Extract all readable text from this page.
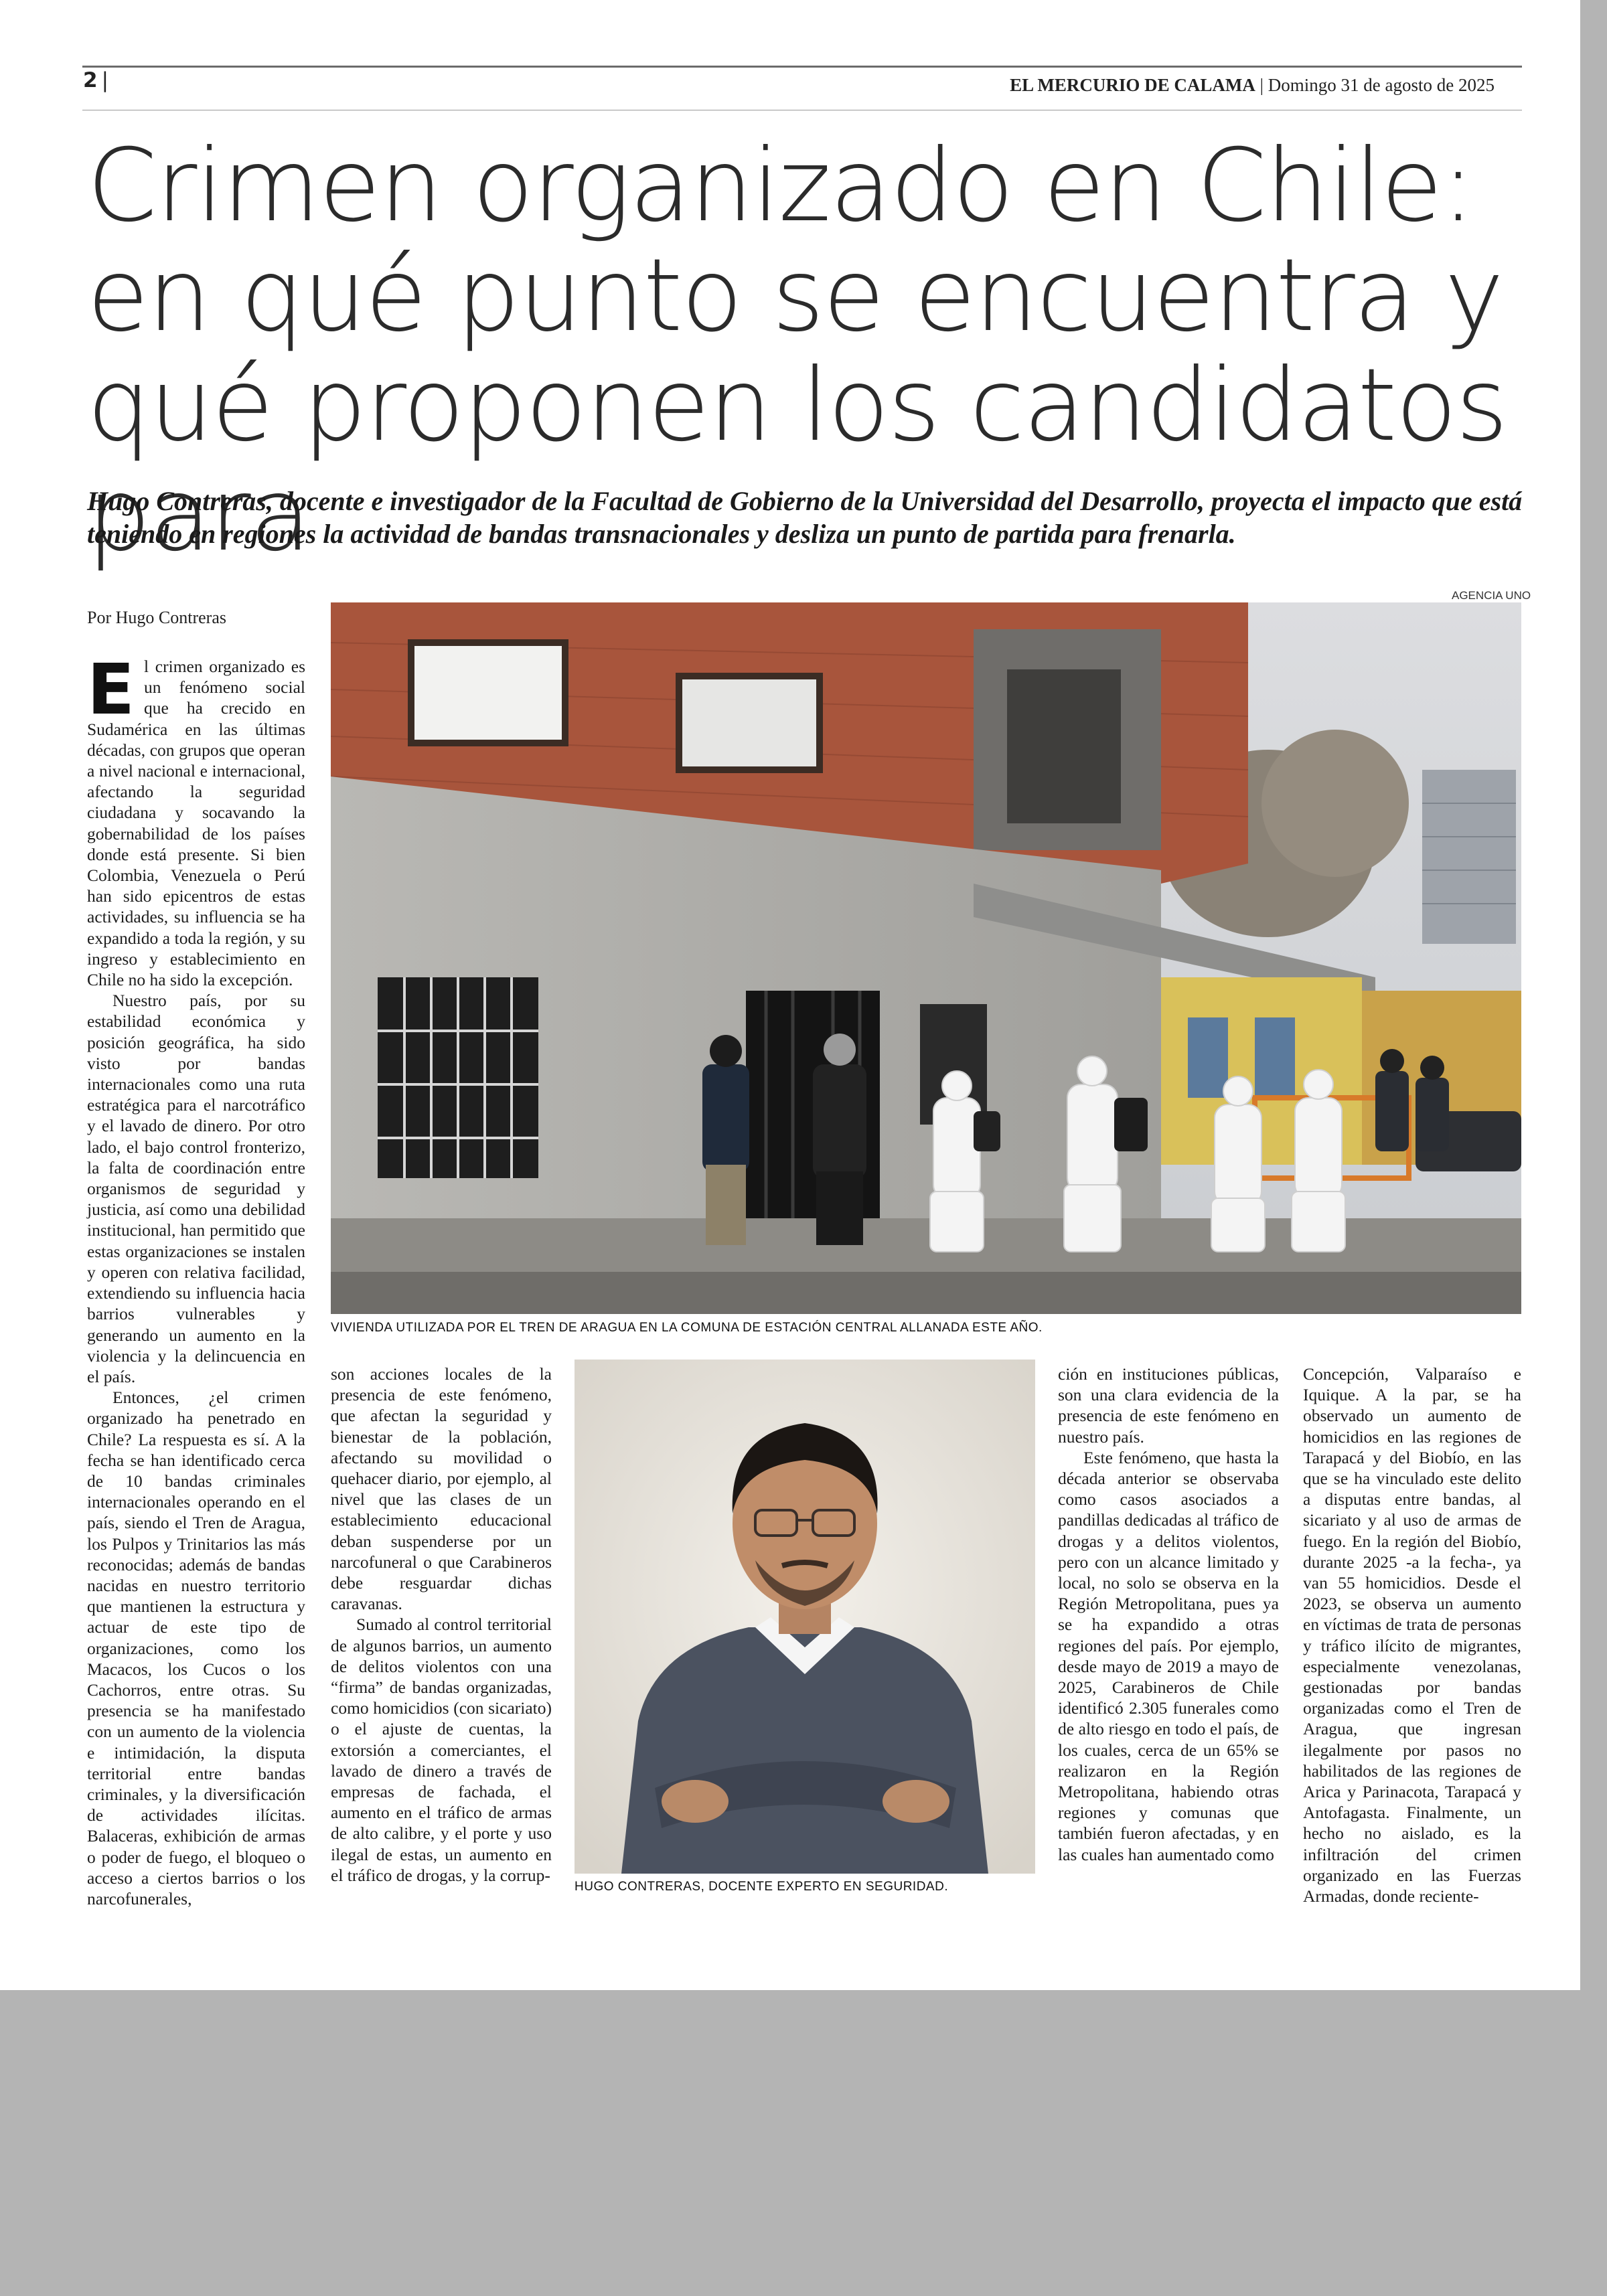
2 |	EL MERCURIO DE CALAMA | Domingo 31 de agosto de 2025
Crimen organizado en Chile: en qué punto se encuentra y qué proponen los candidatos para

Hugo Contreras, docente e investigador de la Facultad de Gobierno de la Universidad del Desarrollo, proyecta el impacto que está teniendo en regiones la actividad de bandas transnacionales y desliza un punto de partida para frenarla.

Por Hugo Contreras
AGENCIA UNO

El crimen organizado es un fenómeno social que ha crecido en Sudamérica en las últimas décadas, con grupos que operan a nivel nacional e internacional, afectando la seguridad ciudadana y socavando la gobernabilidad de los países donde está presente. Si bien Colombia, Venezuela o Perú han sido epicentros de estas actividades, su influencia se ha expandido a toda la región, y su ingreso y establecimiento en Chile no ha sido la excepción.

Nuestro país, por su estabilidad económica y posición geográfica, ha sido visto por bandas internacionales como una ruta estratégica para el narcotráfico y el lavado de dinero. Por otro lado, el bajo control fronterizo, la falta de coordinación entre organismos de seguridad y justicia, así como una debilidad institucional, han permitido que estas organizaciones se instalen y operen con relativa facilidad, extendiendo su influencia hacia barrios vulnerables y generando un aumento en la violencia y la delincuencia en el país.

Entonces, ¿el crimen organizado ha penetrado en Chile? La respuesta es sí. A la fecha se han identificado cerca de 10 bandas criminales internacionales operando en el país, siendo el Tren de Aragua, los Pulpos y Trinitarios las más reconocidas; además de bandas nacidas en nuestro territorio que mantienen la estructura y actuar de este tipo de organizaciones, como los Macacos, los Cucos o los Cachorros, entre otras. Su presencia se ha manifestado con un aumento de la violencia e intimidación, la disputa territorial entre bandas criminales, y la diversificación de actividades ilícitas. Balaceras, exhibición de armas o poder de fuego, el bloqueo o acceso a ciertos barrios o los narcofunerales,

VIVIENDA UTILIZADA POR EL TREN DE ARAGUA EN LA COMUNA DE ESTACIÓN CENTRAL ALLANADA ESTE AÑO.

son acciones locales de la presencia de este fenómeno, que afectan la seguridad y bienestar de la población, afectando su movilidad o quehacer diario, por ejemplo, al nivel que las clases de un establecimiento educacional deban suspenderse por un narcofuneral o que Carabineros debe resguardar dichas caravanas.

Sumado al control territorial de algunos barrios, un aumento de delitos violentos con una “firma” de bandas organizadas, como homicidios (con sicariato) o el ajuste de cuentas, la extorsión a comerciantes, el lavado de dinero a través de empresas de fachada, el aumento en el tráfico de armas de alto calibre, y el porte y uso ilegal de estas, un aumento en el tráfico de drogas, y la corrup-

HUGO CONTRERAS, DOCENTE EXPERTO EN SEGURIDAD.

ción en instituciones públicas, son una clara evidencia de la presencia de este fenómeno en nuestro país.

Este fenómeno, que hasta la década anterior se observaba como casos asociados a pandillas dedicadas al tráfico de drogas y a delitos violentos, pero con un alcance limitado y local, no solo se observa en la Región Metropolitana, pues ya se ha expandido a otras regiones del país. Por ejemplo, desde mayo de 2019 a mayo de 2025, Carabineros de Chile identificó 2.305 funerales como de alto riesgo en todo el país, de los cuales, cerca de un 65% se realizaron en la Región Metropolitana, habiendo otras regiones y comunas que también fueron afectadas, y en las cuales han aumentado como

Concepción, Valparaíso e Iquique. A la par, se ha observado un aumento de homicidios en las regiones de Tarapacá y del Biobío, en las que se ha vinculado este delito a disputas entre bandas, al sicariato y al uso de armas de fuego. En la región del Biobío, durante 2025 -a la fecha-, ya van 55 homicidios. Desde el 2023, se observa un aumento en víctimas de trata de personas y tráfico ilícito de migrantes, especialmente venezolanas, gestionadas por bandas organizadas como el Tren de Aragua, que ingresan ilegalmente por pasos no habilitados de las regiones de Arica y Parinacota, Tarapacá y Antofagasta. Finalmente, un hecho no aislado, es la infiltración del crimen organizado en las Fuerzas Armadas, donde reciente-
